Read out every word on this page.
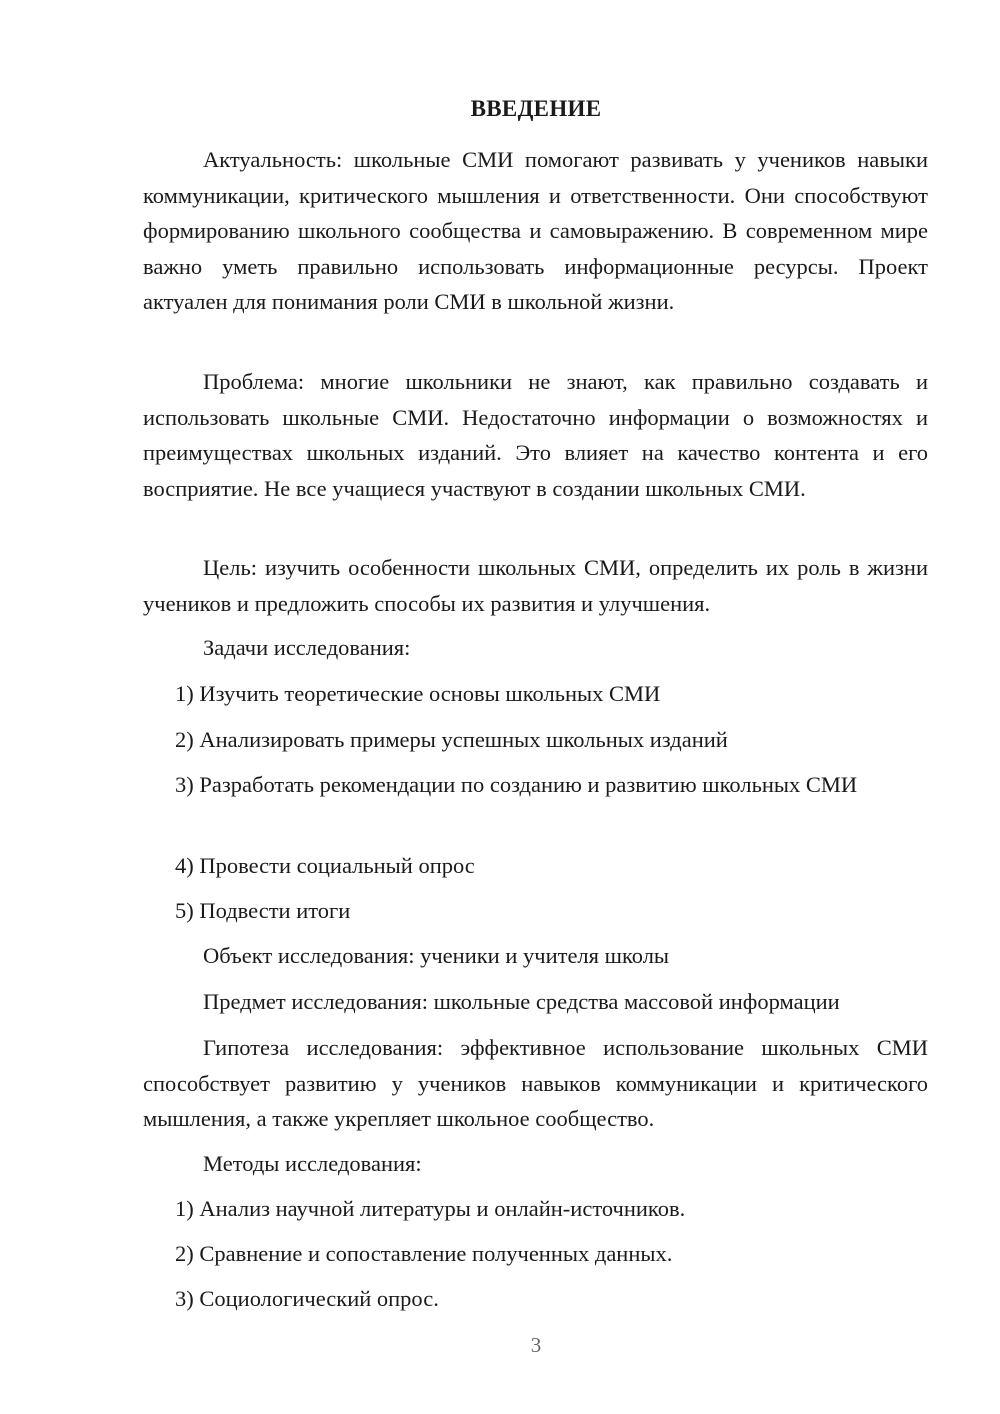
ВВЕДЕНИЕ

Актуальность: школьные СМИ помогают развивать у учеников навыки коммуникации, критического мышления и ответственности. Они способствуют формированию школьного сообщества и самовыражению. В современном мире важно уметь правильно использовать информационные ресурсы. Проект актуален для понимания роли СМИ в школьной жизни.

Проблема: многие школьники не знают, как правильно создавать и использовать школьные СМИ. Недостаточно информации о возможностях и преимуществах школьных изданий. Это влияет на качество контента и его восприятие. Не все учащиеся участвуют в создании школьных СМИ.

Цель: изучить особенности школьных СМИ, определить их роль в жизни учеников и предложить способы их развития и улучшения.

Задачи исследования:

1) Изучить теоретические основы школьных СМИ

2) Анализировать примеры успешных школьных изданий

3) Разработать рекомендации по созданию и развитию школьных СМИ

4) Провести социальный опрос

5) Подвести итоги

Объект исследования: ученики и учителя школы

Предмет исследования: школьные средства массовой информации

Гипотеза исследования: эффективное использование школьных СМИ способствует развитию у учеников навыков коммуникации и критического мышления, а также укрепляет школьное сообщество.

Методы исследования:

1) Анализ научной литературы и онлайн-источников.

2) Сравнение и сопоставление полученных данных.

3) Социологический опрос.

3
